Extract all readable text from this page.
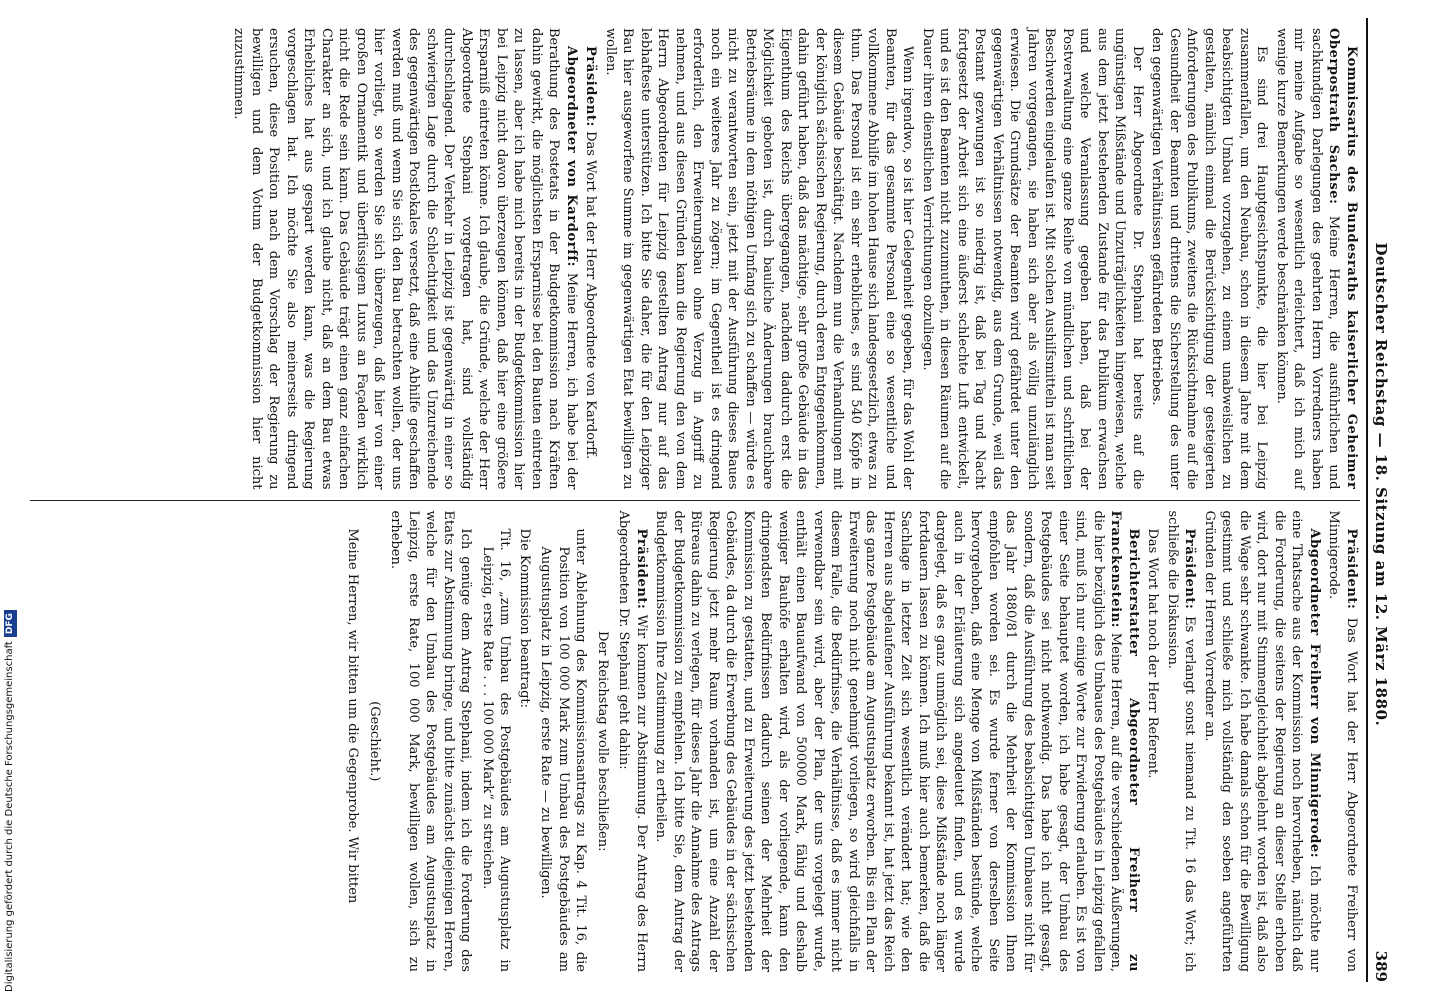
Deutscher Reichstag — 18. Sitzung am 12. März 1880.
389

Kommissarius des Bundesraths kaiserlicher Geheimer Oberpostrath Sachse: Meine Herren, die ausführlichen und sachkundigen Darlegungen des geehrten Herrn Vorredners haben mir meine Aufgabe so wesentlich erleichtert, daß ich mich auf wenige kurze Bemerkungen werde beschränken können.

Es sind drei Hauptgesichtspunkte, die hier bei Leipzig zusammenfallen, um den Neubau, schon in diesem Jahre mit dem beabsichtigten Umbau vorzugehen, zu einem unabweislichen zu gestalten, nämlich einmal die Berücksichtigung der gesteigerten Anforderungen des Publikums, zweitens die Rücksichtnahme auf die Gesundheit der Beamten und drittens die Sicherstellung des unter den gegenwärtigen Verhältnissen gefährdeten Betriebes.

Der Herr Abgeordnete Dr. Stephani hat bereits auf die ungünstigen Mißstände und Unzuträglichkeiten hingewiesen, welche aus dem jetzt bestehenden Zustande für das Publikum erwachsen und welche Veranlassung gegeben haben, daß bei der Postverwaltung eine ganze Reihe von mündlichen und schriftlichen Beschwerden eingelaufen ist. Mit solchen Aushilfsmitteln ist man seit Jahren vorgegangen, sie haben sich aber als völlig unzulänglich erwiesen. Die Grundsätze der Beamten wird gefährdet unter den gegenwärtigen Verhältnissen notwendig, aus dem Grunde, weil das Postamt gezwungen ist so niedrig ist, daß bei Tag und Nacht fortgesetzt der Arbeit sich eine äußerst schlechte Luft entwickelt, und es ist den Beamten nicht zuzumuthen, in diesen Räumen auf die Dauer ihren dienstlichen Verrichtungen obzuliegen.

Wenn irgendwo, so ist hier Gelegenheit gegeben, für das Wohl der Beamten, für das gesammte Personal eine so wesentliche und vollkommene Abhilfe im hohen Hause sich landesgesetzlich, etwas zu thun. Das Personal ist ein sehr erhebliches, es sind 540 Köpfe in diesem Gebäude beschäftigt. Nachdem nun die Verhandlungen mit der königlich sächsischen Regierung, durch deren Entgegenkommen, dahin geführt haben, daß das mächtige, sehr große Gebäude in das Eigenthum des Reichs übergegangen, nachdem dadurch erst die Möglichkeit geboten ist, durch bauliche Änderungen brauchbare Betriebsräume in dem nöthigen Umfang sich zu schaffen — würde es nicht zu verantworten sein, jetzt mit der Ausführung dieses Baues noch ein weiteres Jahr zu zögern; im Gegentheil ist es dringend erforderlich, den Erweiterungsbau ohne Verzug in Angriff zu nehmen, und aus diesen Gründen kann die Regierung den von dem Herrn Abgeordneten für Leipzig gestellten Antrag nur auf das lebhafteste unterstützen. Ich bitte Sie daher, die für den Leipziger Bau hier ausgeworfene Summe im gegenwärtigen Etat bewilligen zu wollen.

Präsident: Das Wort hat der Herr Abgeordnete von Kardorff.

Abgeordneter von Kardorff: Meine Herren, ich habe bei der Berathung des Postetats in der Budgetkommission nach Kräften dahin gewirkt, die möglichsten Ersparnisse bei den Bauten eintreten zu lassen, aber ich habe mich bereits in der Budgetkommission hier bei Leipzig nicht davon überzeugen können, daß hier eine größere Ersparniß eintreten könne. Ich glaube, die Gründe, welche der Herr Abgeordnete Stephani vorgetragen hat, sind vollständig durchschlagend. Der Verkehr in Leipzig ist gegenwärtig in einer so schwierigen Lage durch die Schlechtigkeit und das Unzureichende des gegenwärtigen Postlokales versetzt, daß eine Abhilfe geschaffen werden muß und wenn Sie sich den Bau betrachten wollen, der uns hier vorliegt, so werden Sie sich überzeugen, daß hier von einer großen Ornamentik und überflüssigem Luxus an Façaden wirklich nicht die Rede sein kann. Das Gebäude trägt einen ganz einfachen Charakter an sich, und ich glaube nicht, daß an dem Bau etwas Erhebliches hat aus gespart werden kann, was die Regierung vorgeschlagen hat. Ich möchte Sie also meinerseits dringend ersuchen, diese Position nach dem Vorschlag der Regierung zu bewilligen und dem Votum der Budgetkommission hier nicht zuzustimmen.

Präsident: Das Wort hat der Herr Abgeordnete Freiherr von Minnigerode.

Abgeordneter Freiherr von Minnigerode: Ich möchte nur eine Thatsache aus der Kommission noch hervorheben, nämlich daß die Forderung, die seitens der Regierung an dieser Stelle erhoben wird, dort nur mit Stimmengleichheit abgelehnt worden ist, daß also die Wage sehr schwankte. Ich habe damals schon für die Bewilligung gestimmt und schließe mich vollständig den soeben angeführten Gründen der Herren Vorredner an.

Präsident: Es verlangt sonst niemand zu Tit. 16 das Wort; ich schließe die Diskussion.

Das Wort hat noch der Herr Referent.

Berichterstatter Abgeordneter Freiherr zu Franckenstein: Meine Herren, auf die verschiedenen Äußerungen, die hier bezüglich des Umbaues des Postgebäudes in Leipzig gefallen sind, muß ich nur einige Worte zur Erwiderung erlauben. Es ist von einer Seite behauptet worden, ich habe gesagt, der Umbau des Postgebäudes sei nicht nothwendig. Das habe ich nicht gesagt, sondern, daß die Ausführung des beabsichtigten Umbaues nicht für das Jahr 1880/81 durch die Mehrheit der Kommission Ihnen empfohlen worden sei. Es wurde ferner von derselben Seite hervorgehoben, daß eine Menge von Mißständen bestünde, welche auch in der Erläuterung sich angedeutet finden, und es wurde dargelegt, daß es ganz unmöglich sei, diese Mißstände noch länger fortdauern lassen zu können. Ich muß hier auch bemerken, daß die Sachlage in letzter Zeit sich wesentlich verändert hat; wie den Herren aus abgelaufener Ausführung bekannt ist, hat jetzt das Reich das ganze Postgebäude am Augustusplatz erworben. Bis ein Plan der Erweiterung noch nicht genehmigt vorliegen, so wird gleichfalls in diesem Falle, die Bedürfnisse, die Verhältnisse, daß es immer nicht verwendbar sein wird, aber der Plan, der uns vorgelegt wurde, enthält einen Bauaufwand von 500000 Mark, fähig und deshalb weniger Bauhöfe erhalten wird, als der vorliegende, kann den dringendsten Bedürfnissen dadurch seinen der Mehrheit der Kommission zu gestatten, und zu Erweiterung des jetzt bestehenden Gebäudes, da durch die Erwerbung des Gebäudes in der sächsischen Regierung jetzt mehr Raum vorhanden ist, um eine Anzahl der Büreaus dahin zu verlegen, für dieses Jahr die Annahme des Antrags der Budgetkommission zu empfehlen. Ich bitte Sie, dem Antrag der Budgetkommission Ihre Zustimmung zu ertheilen.

Präsident: Wir kommen zur Abstimmung. Der Antrag des Herrn Abgeordneten Dr. Stephani geht dahin:

Der Reichstag wolle beschließen:

unter Ablehnung des Kommissionsantrags zu Kap. 4 Tit. 16, die Position von 100 000 Mark zum Umbau des Postgebäudes am Augustusplatz in Leipzig, erste Rate — zu bewilligen.

Die Kommission beantragt:

Tit. 16, „zum Umbau des Postgebäudes am Augustusplatz in Leipzig, erste Rate . . . 100 000 Mark“ zu streichen.

Ich genüge dem Antrag Stephani, indem ich die Forderung des Etats zur Abstimmung bringe, und bitte zunächst diejenigen Herren, welche für den Umbau des Postgebäudes am Augustusplatz in Leipzig, erste Rate, 100 000 Mark, bewilligen wollen, sich zu erheben.

(Geschieht.)

Meine Herren, wir bitten um die Gegenprobe. Wir bitten

Digitalisierung gefördert durch die Deutsche Forschungsgemeinschaft
DFG
